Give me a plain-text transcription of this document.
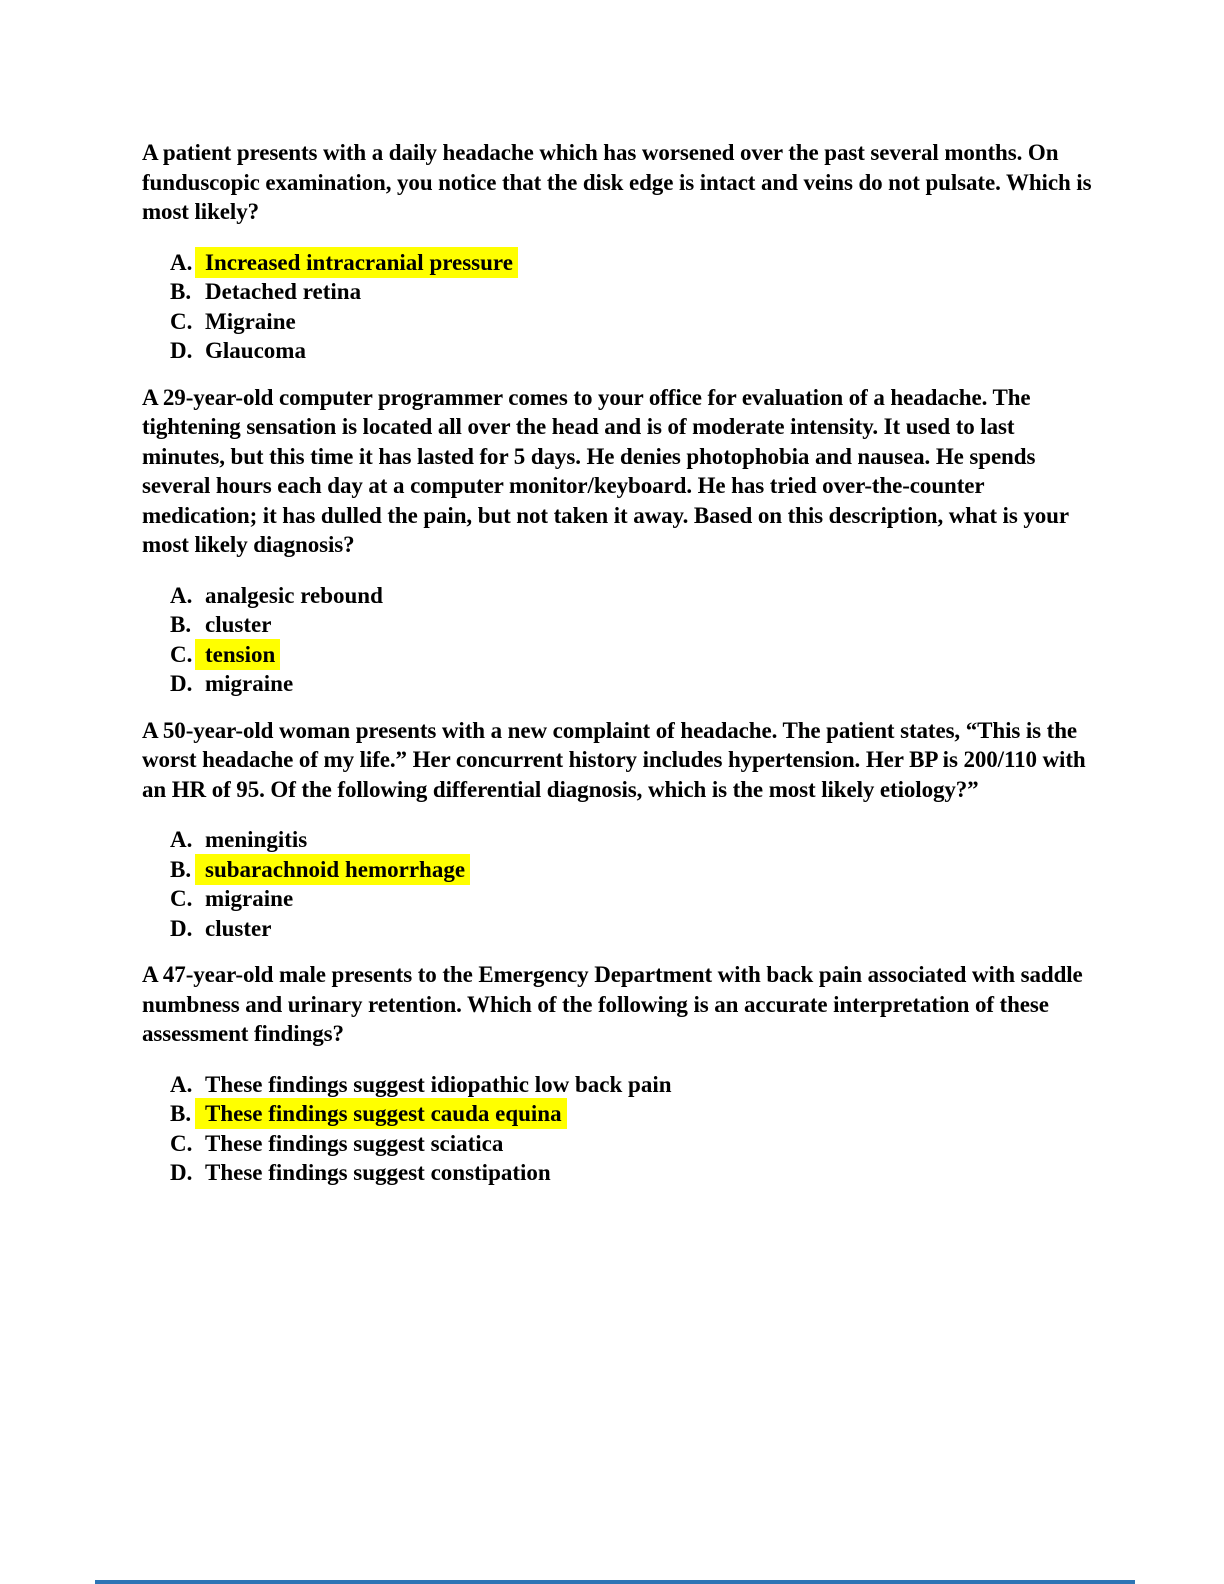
A patient presents with a daily headache which has worsened over the past several months. On funduscopic examination, you notice that the disk edge is intact and veins do not pulsate. Which is most likely?

A. Increased intracranial pressure
B. Detached retina
C. Migraine
D. Glaucoma

A 29-year-old computer programmer comes to your office for evaluation of a headache. The tightening sensation is located all over the head and is of moderate intensity. It used to last minutes, but this time it has lasted for 5 days. He denies photophobia and nausea. He spends several hours each day at a computer monitor/keyboard. He has tried over-the-counter medication; it has dulled the pain, but not taken it away. Based on this description, what is your most likely diagnosis?

A. analgesic rebound
B. cluster
C. tension
D. migraine

A 50-year-old woman presents with a new complaint of headache. The patient states, “This is the worst headache of my life.” Her concurrent history includes hypertension. Her BP is 200/110 with an HR of 95. Of the following differential diagnosis, which is the most likely etiology?”

A. meningitis
B. subarachnoid hemorrhage
C. migraine
D. cluster

A 47-year-old male presents to the Emergency Department with back pain associated with saddle numbness and urinary retention. Which of the following is an accurate interpretation of these assessment findings?

A. These findings suggest idiopathic low back pain
B. These findings suggest cauda equina
C. These findings suggest sciatica
D. These findings suggest constipation
